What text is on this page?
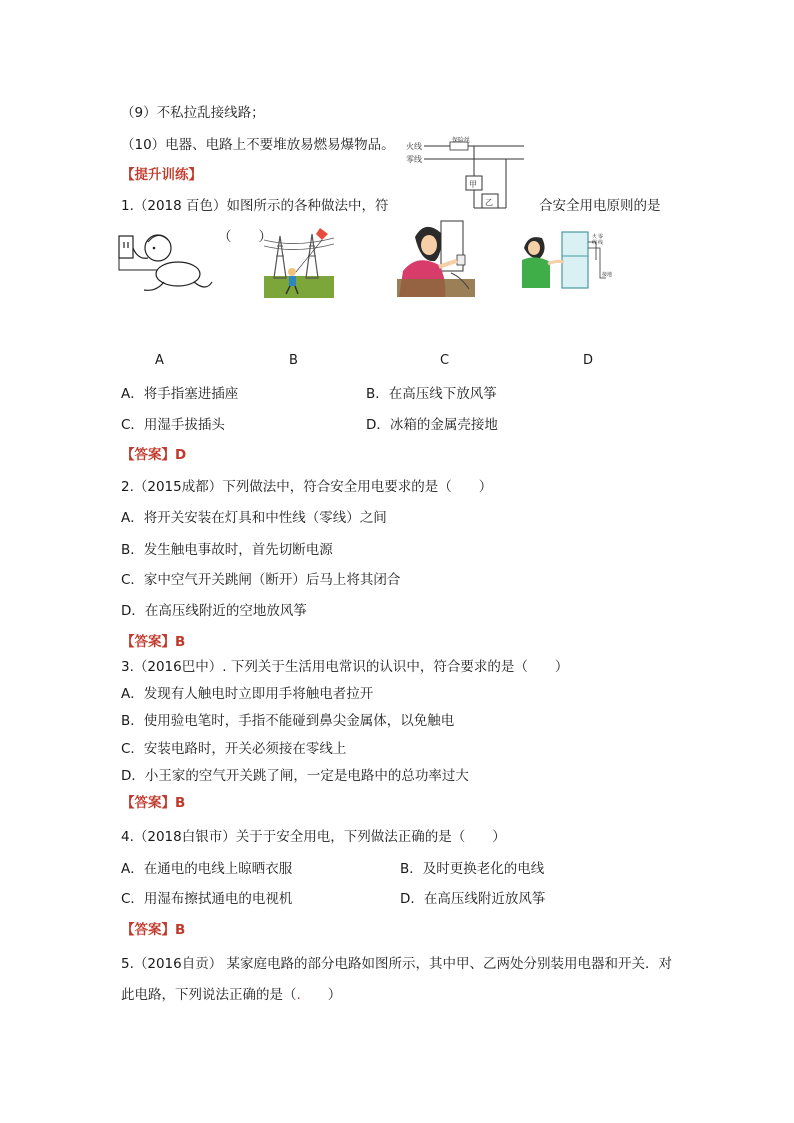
（9）不私拉乱接线路；
（10）电器、电路上不要堆放易燃易爆物品。 火线
零线
保险丝
甲
乙
【提升训练】
1.（2018 百色）如图所示的各种做法中，符	合安全用电原则的是
（　　）	火 零
线 线
接地
A	B	C	D
A．将手指塞进插座	B．在高压线下放风筝
C．用湿手拔插头	D．冰箱的金属壳接地
【答案】D
2.（2015成都）下列做法中，符合安全用电要求的是（　　）
A．将开关安装在灯具和中性线（零线）之间
B．发生触电事故时，首先切断电源
C．家中空气开关跳闸（断开）后马上将其闭合
D．在高压线附近的空地放风筝
【答案】B
3.（2016巴中）. 下列关于生活用电常识的认识中，符合要求的是（　　）
A．发现有人触电时立即用手将触电者拉开
B．使用验电笔时，手指不能碰到鼻尖金属体，以免触电
C．安装电路时，开关必须接在零线上
D．小王家的空气开关跳了闸，一定是电路中的总功率过大
【答案】B
4.（2018白银市）关于于安全用电，下列做法正确的是（　　）
A．在通电的电线上晾晒衣服	B．及时更换老化的电线
C．用湿布擦拭通电的电视机	D．在高压线附近放风筝
【答案】B
5.（2016自贡） 某家庭电路的部分电路如图所示，其中甲、乙两处分别装用电器和开关．对
此电路，下列说法正确的是（.　　）
